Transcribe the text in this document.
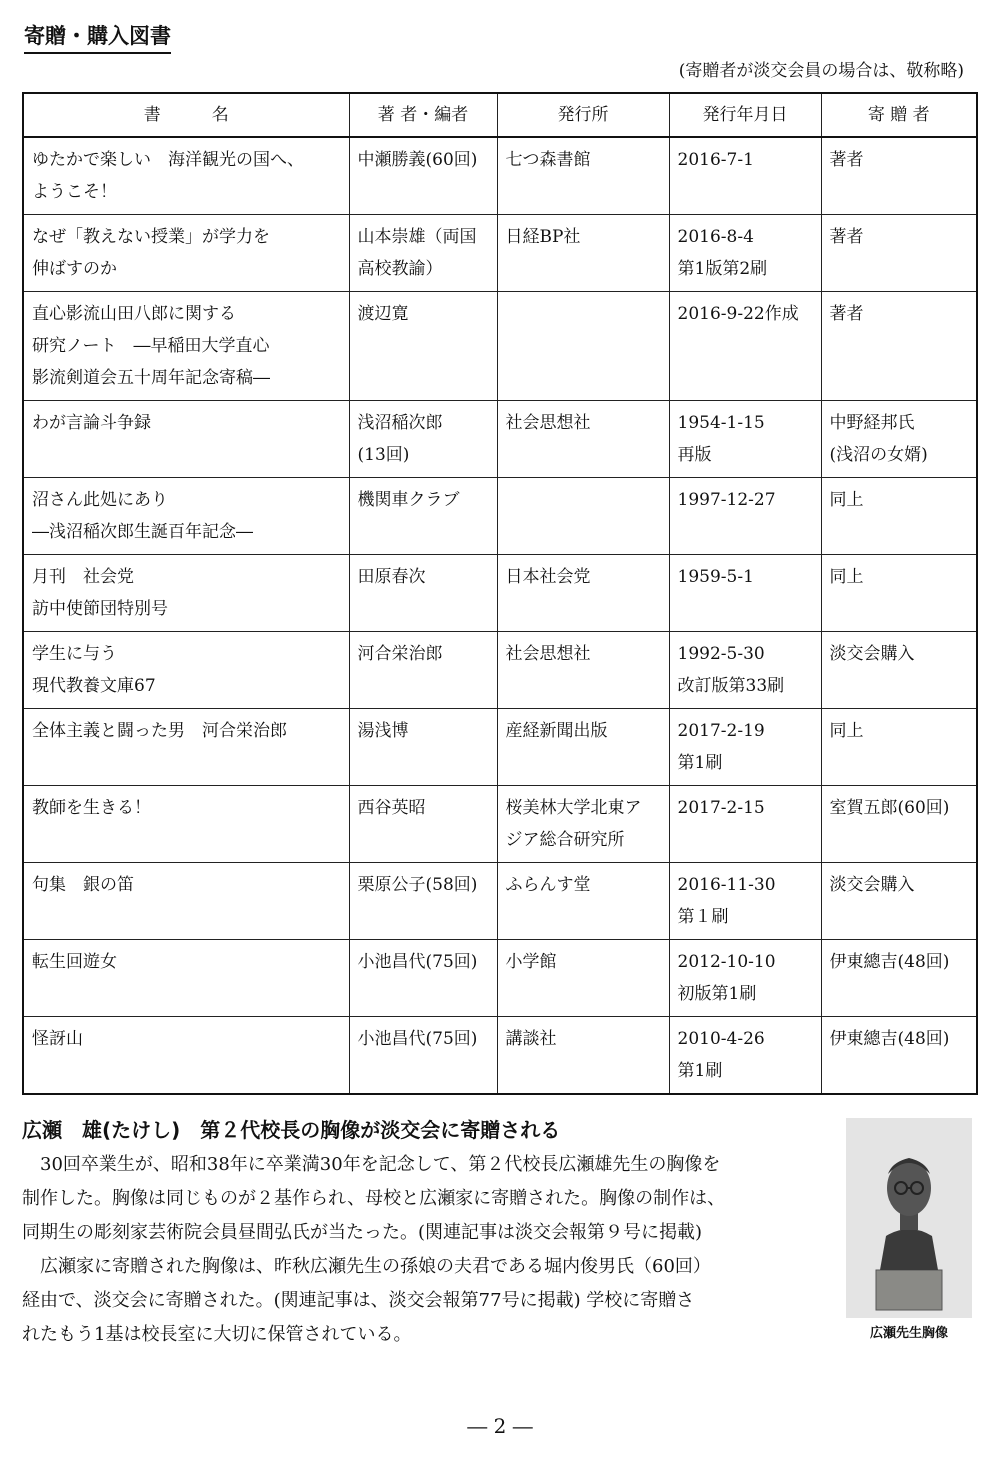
寄贈・購入図書
(寄贈者が淡交会員の場合は、敬称略)
書　　　名	著 者・編者	発行所	発行年月日	寄 贈 者

ゆたかで楽しい　海洋観光の国へ、
ようこそ！	中瀬勝義(60回)	七つ森書館	2016-7-1	著者

なぜ「教えない授業」が学力を
伸ばすのか	山本崇雄（両国
高校教諭）	日経BP社	2016-8-4
第1版第2刷	著者

直心影流山田八郎に関する
研究ノート　―早稲田大学直心
影流剣道会五十周年記念寄稿―	渡辺寛		2016-9-22作成	著者

わが言論斗争録	浅沼稲次郎
(13回)	社会思想社	1954-1-15
再版	中野経邦氏
(浅沼の女婿)

沼さん此処にあり
―浅沼稲次郎生誕百年記念―	機関車クラブ		1997-12-27	同上

月刊　社会党
訪中使節団特別号	田原春次	日本社会党	1959-5-1	同上

学生に与う
現代教養文庫67	河合栄治郎	社会思想社	1992-5-30
改訂版第33刷	淡交会購入

全体主義と闘った男　河合栄治郎	湯浅博	産経新聞出版	2017-2-19
第1刷	同上

教師を生きる！	西谷英昭	桜美林大学北東ア
ジア総合研究所	2017-2-15	室賀五郎(60回)

句集　銀の笛	栗原公子(58回)	ふらんす堂	2016-11-30
第１刷	淡交会購入

転生回遊女	小池昌代(75回)	小学館	2012-10-10
初版第1刷	伊東總吉(48回)

怪訝山	小池昌代(75回)	講談社	2010-4-26
第1刷	伊東總吉(48回)
広瀬　雄(たけし)　第２代校長の胸像が淡交会に寄贈される

　30回卒業生が、昭和38年に卒業満30年を記念して、第２代校長広瀬雄先生の胸像を
制作した。胸像は同じものが２基作られ、母校と広瀬家に寄贈された。胸像の制作は、
同期生の彫刻家芸術院会員昼間弘氏が当たった。(関連記事は淡交会報第９号に掲載)

　広瀬家に寄贈された胸像は、昨秋広瀬先生の孫娘の夫君である堀内俊男氏（60回）
経由で、淡交会に寄贈された。(関連記事は、淡交会報第77号に掲載) 学校に寄贈さ
れたもう1基は校長室に大切に保管されている。	広瀬先生胸像
― 2 ―
